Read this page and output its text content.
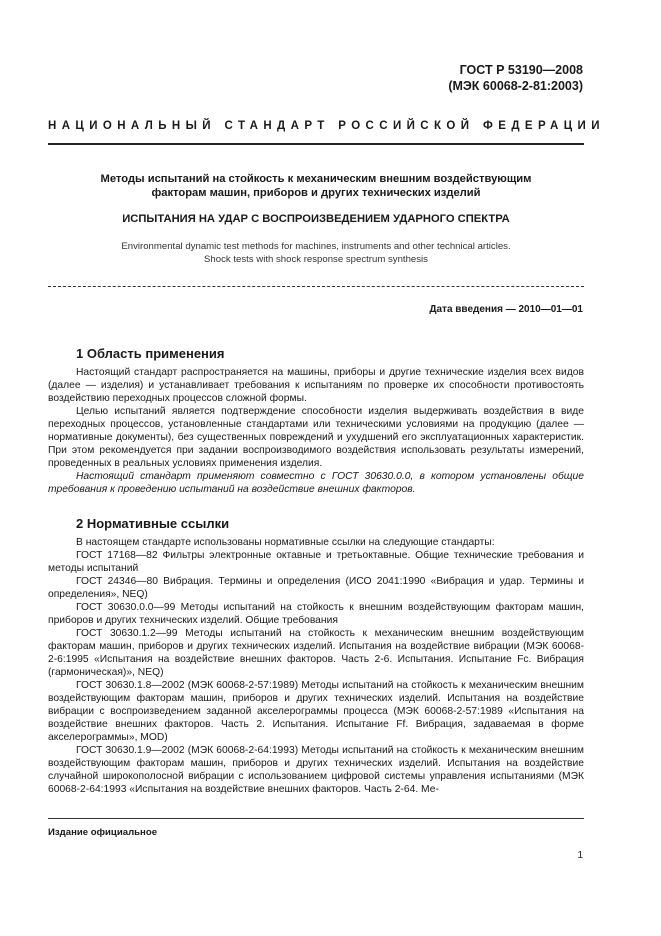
ГОСТ Р 53190—2008
(МЭК 60068-2-81:2003)
НАЦИОНАЛЬНЫЙ СТАНДАРТ РОССИЙСКОЙ ФЕДЕРАЦИИ
Методы испытаний на стойкость к механическим внешним воздействующим
факторам машин, приборов и других технических изделий
ИСПЫТАНИЯ НА УДАР С ВОСПРОИЗВЕДЕНИЕМ УДАРНОГО СПЕКТРА
Environmental dynamic test methods for machines, instruments and other technical articles.
Shock tests with shock response spectrum synthesis
Дата введения — 2010—01—01
1 Область применения

Настоящий стандарт распространяется на машины, приборы и другие технические изделия всех видов (далее — изделия) и устанавливает требования к испытаниям по проверке их способности противостоять воздействию переходных процессов сложной формы.

Целью испытаний является подтверждение способности изделия выдерживать воздействия в виде переходных процессов, установленные стандартами или техническими условиями на продукцию (далее — нормативные документы), без существенных повреждений и ухудшений его эксплуатационных характеристик. При этом рекомендуется при задании воспроизводимого воздействия использовать результаты измерений, проведенных в реальных условиях применения изделия.

Настоящий стандарт применяют совместно с ГОСТ 30630.0.0, в котором установлены общие требования к проведению испытаний на воздействие внешних факторов.

2 Нормативные ссылки

В настоящем стандарте использованы нормативные ссылки на следующие стандарты:

ГОСТ 17168—82 Фильтры электронные октавные и третьоктавные. Общие технические требования и методы испытаний

ГОСТ 24346—80 Вибрация. Термины и определения (ИСО 2041:1990 «Вибрация и удар. Термины и определения», NEQ)

ГОСТ 30630.0.0—99 Методы испытаний на стойкость к внешним воздействующим факторам машин, приборов и других технических изделий. Общие требования

ГОСТ 30630.1.2—99 Методы испытаний на стойкость к механическим внешним воздействующим факторам машин, приборов и других технических изделий. Испытания на воздействие вибрации (МЭК 60068-2-6:1995 «Испытания на воздействие внешних факторов. Часть 2-6. Испытания. Испытание Fc. Вибрация (гармоническая)», NEQ)

ГОСТ 30630.1.8—2002 (МЭК 60068-2-57:1989) Методы испытаний на стойкость к механическим внешним воздействующим факторам машин, приборов и других технических изделий. Испытания на воздействие вибрации с воспроизведением заданной акселерограммы процесса (МЭК 60068-2-57:1989 «Испытания на воздействие внешних факторов. Часть 2. Испытания. Испытание Ff. Вибрация, задаваемая в форме акселерограммы», MOD)

ГОСТ 30630.1.9—2002 (МЭК 60068-2-64:1993) Методы испытаний на стойкость к механическим внешним воздействующим факторам машин, приборов и других технических изделий. Испытания на воздействие случайной широкополосной вибрации с использованием цифровой системы управления испытаниями (МЭК 60068-2-64:1993 «Испытания на воздействие внешних факторов. Часть 2-64. Ме-

Издание официальное
1
